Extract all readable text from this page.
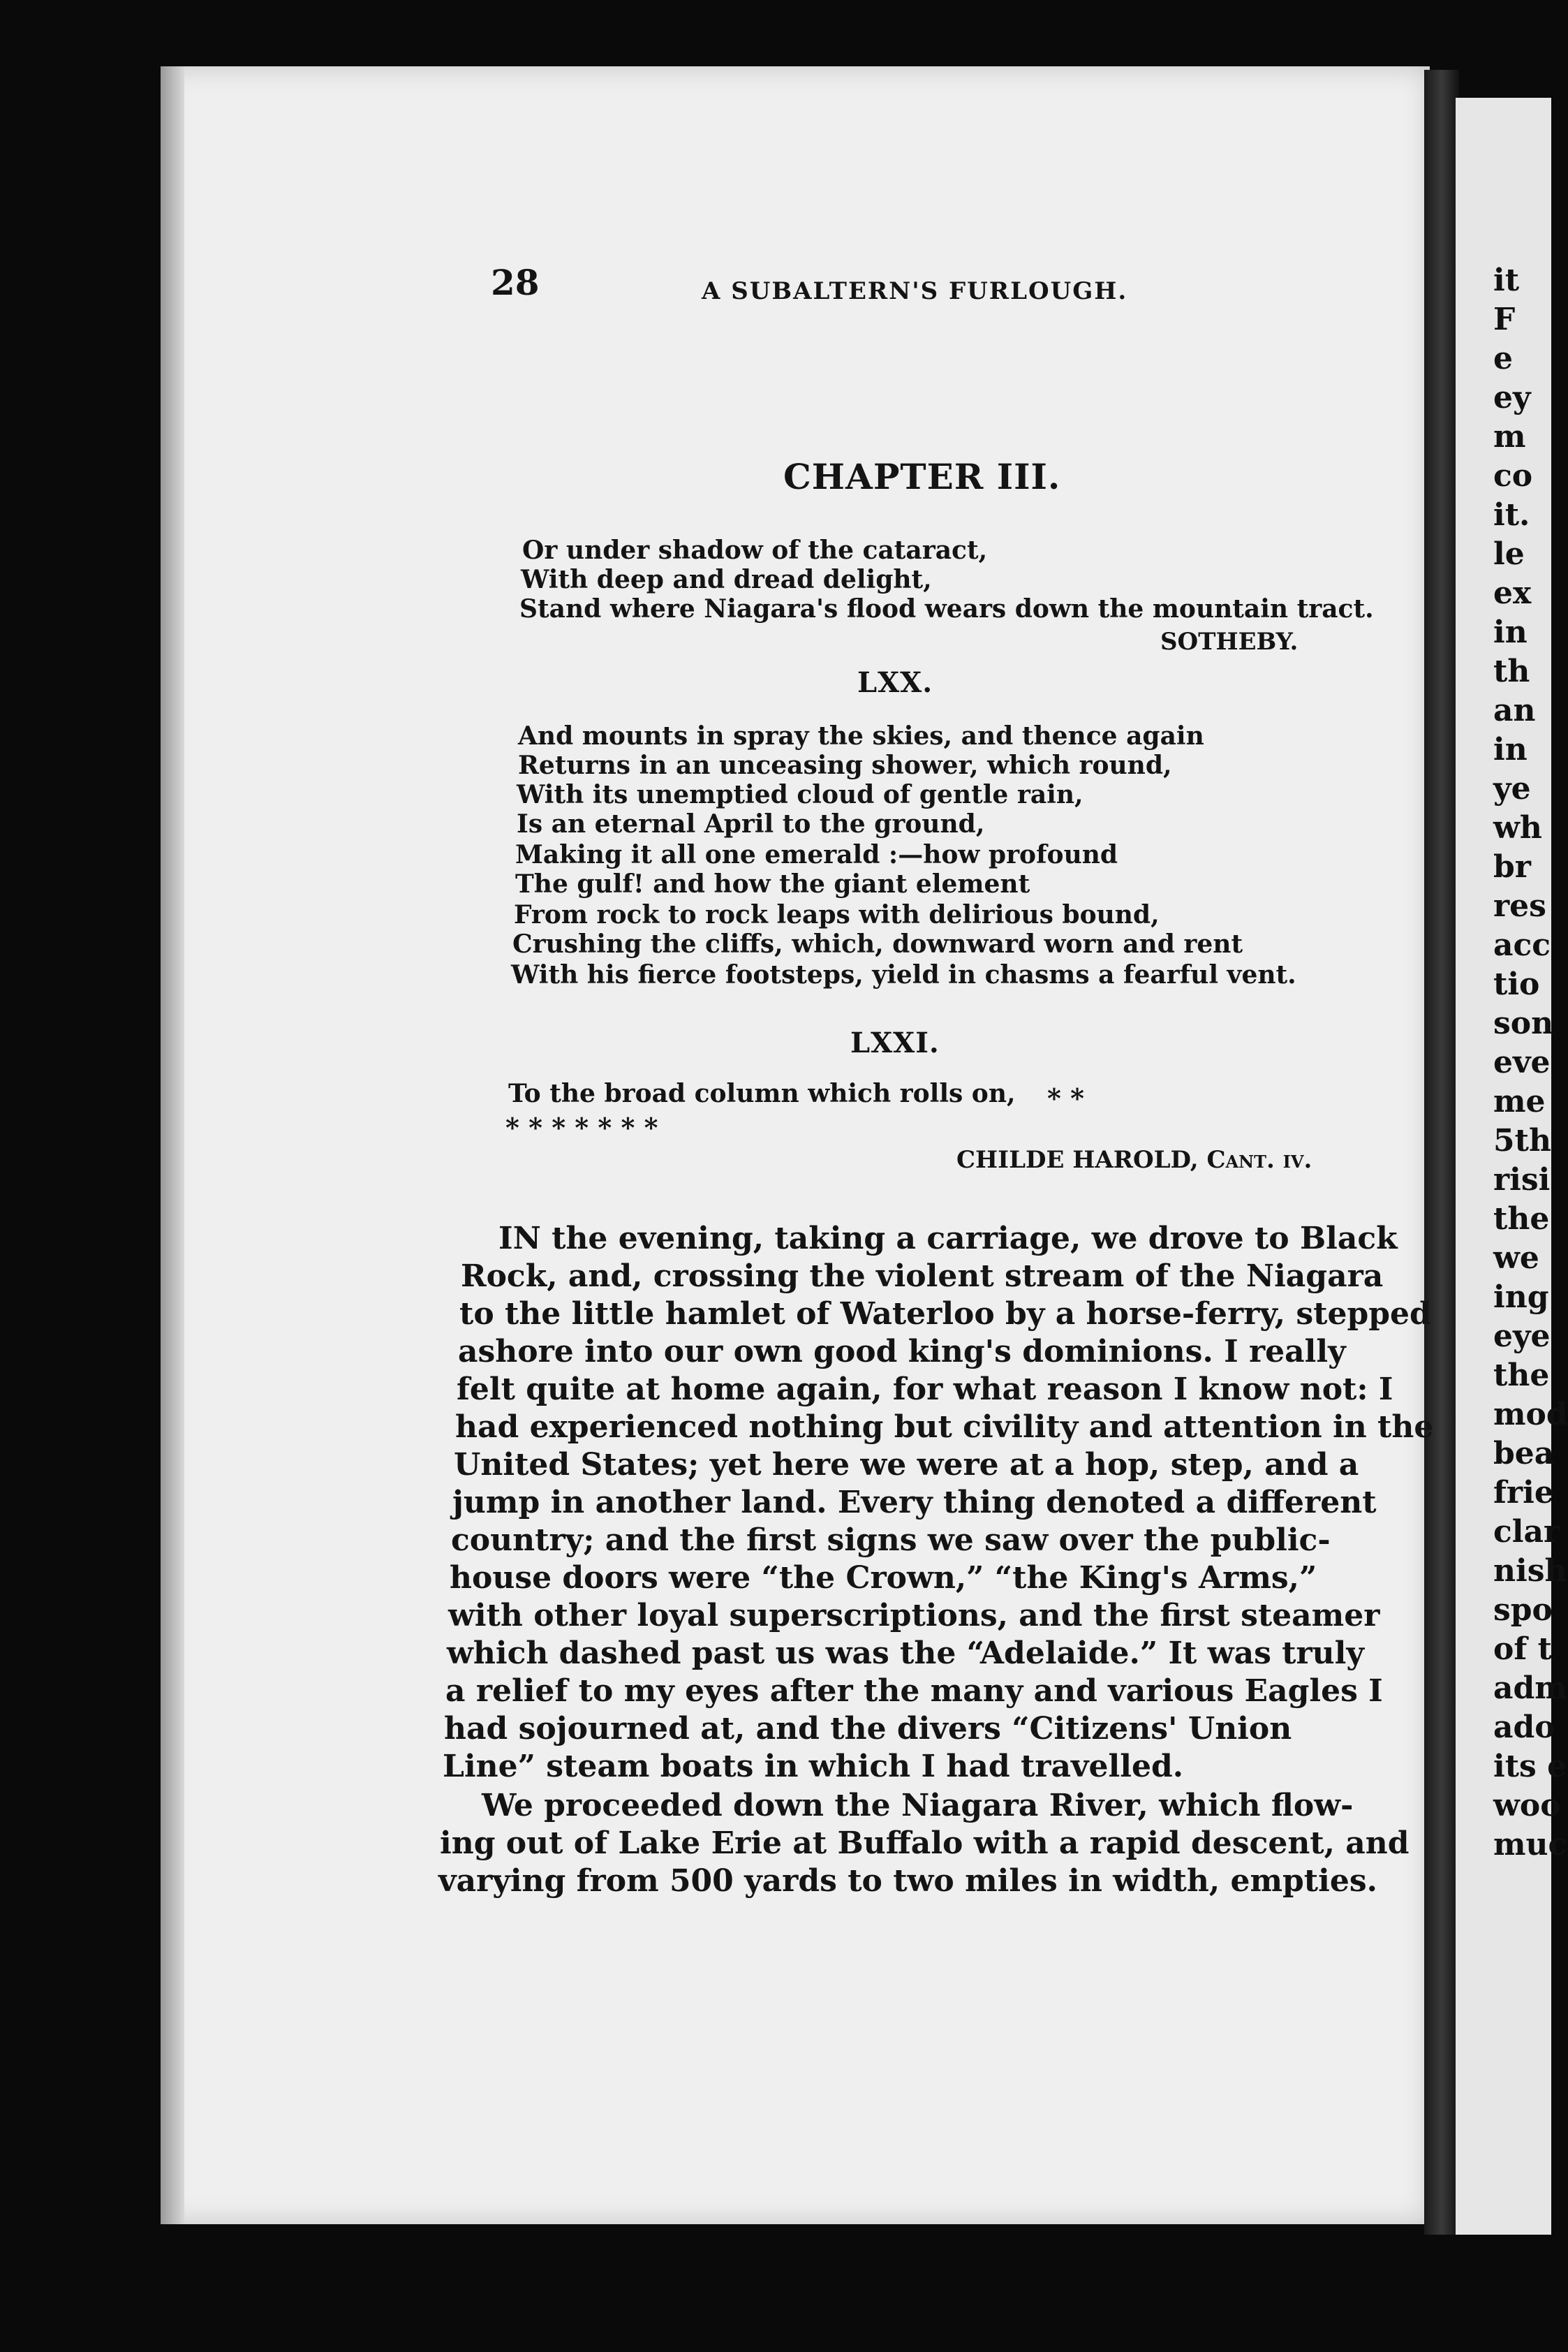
28	A SUBALTERN'S FURLOUGH.
CHAPTER III.
Or under shadow of the cataract,
With deep and dread delight,
Stand where Niagara's flood wears down the mountain tract.
SOTHEBY.
LXX.
And mounts in spray the skies, and thence again
Returns in an unceasing shower, which round,
With its unemptied cloud of gentle rain,
Is an eternal April to the ground,
Making it all one emerald :—how profound
The gulf! and how the giant element
From rock to rock leaps with delirious bound,
Crushing the cliffs, which, downward worn and rent
With his fierce footsteps, yield in chasms a fearful vent.
LXXI.
To the broad column which rolls on, * *
* * * * * * *
CHILDE HAROLD, Cant. iv.
IN the evening, taking a carriage, we drove to Black
Rock, and, crossing the violent stream of the Niagara
to the little hamlet of Waterloo by a horse-ferry, stepped
ashore into our own good king's dominions. I really
felt quite at home again, for what reason I know not: I
had experienced nothing but civility and attention in the
United States; yet here we were at a hop, step, and a
jump in another land. Every thing denoted a different
country; and the first signs we saw over the public-
house doors were “the Crown,” “the King's Arms,”
with other loyal superscriptions, and the first steamer
which dashed past us was the “Adelaide.” It was truly
a relief to my eyes after the many and various Eagles I
had sojourned at, and the divers “Citizens' Union
Line” steam boats in which I had travelled.
We proceeded down the Niagara River, which flow-
ing out of Lake Erie at Buffalo with a rapid descent, and
varying from 500 yards to two miles in width, empties.
it
F
e
ey
m
co
it.
le
ex
in
th
an
in
ye
wh
br
res
acc
tio
son
eve
me
5th
risi
the
we
ing
eye
the
mod
bea
frie
clar
nish
spo
of t
adm
ado
its e
woo
muc
